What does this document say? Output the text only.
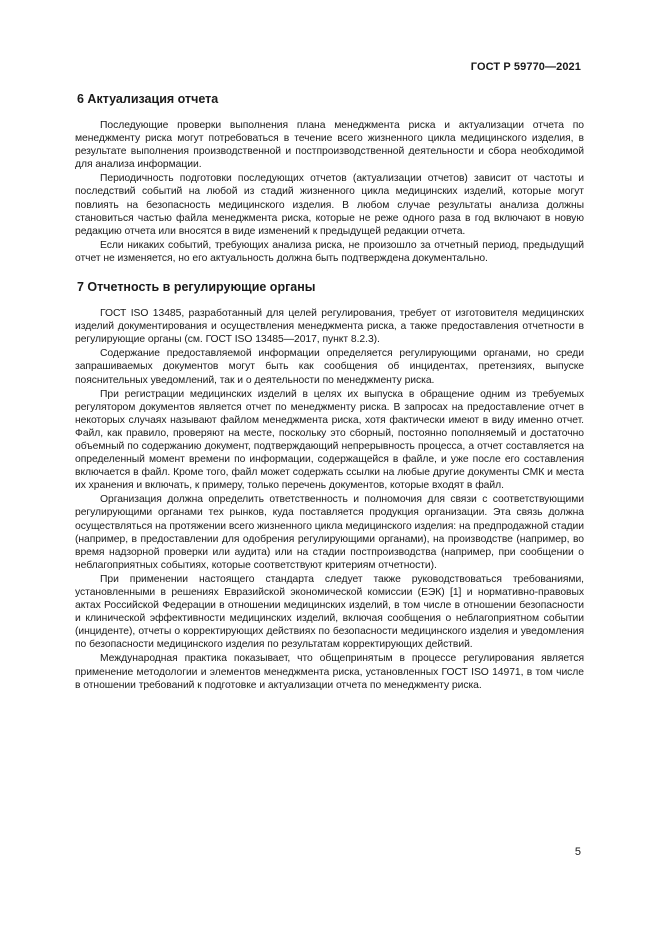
ГОСТ Р 59770—2021
6 Актуализация отчета

Последующие проверки выполнения плана менеджмента риска и актуализации отчета по менеджменту риска могут потребоваться в течение всего жизненного цикла медицинского изделия, в результате выполнения производственной и постпроизводственной деятельности и сбора необходимой для анализа информации.

Периодичность подготовки последующих отчетов (актуализации отчетов) зависит от частоты и последствий событий на любой из стадий жизненного цикла медицинских изделий, которые могут повлиять на безопасность медицинского изделия. В любом случае результаты анализа должны становиться частью файла менеджмента риска, которые не реже одного раза в год включают в новую редакцию отчета или вносятся в виде изменений к предыдущей редакции отчета.

Если никаких событий, требующих анализа риска, не произошло за отчетный период, предыдущий отчет не изменяется, но его актуальность должна быть подтверждена документально.

7 Отчетность в регулирующие органы

ГОСТ ISO 13485, разработанный для целей регулирования, требует от изготовителя медицинских изделий документирования и осуществления менеджмента риска, а также предоставления отчетности в регулирующие органы (см. ГОСТ ISO 13485—2017, пункт 8.2.3).

Содержание предоставляемой информации определяется регулирующими органами, но среди запрашиваемых документов могут быть как сообщения об инцидентах, претензиях, выпуске пояснительных уведомлений, так и о деятельности по менеджменту риска.

При регистрации медицинских изделий в целях их выпуска в обращение одним из требуемых регулятором документов является отчет по менеджменту риска. В запросах на предоставление отчет в некоторых случаях называют файлом менеджмента риска, хотя фактически имеют в виду именно отчет. Файл, как правило, проверяют на месте, поскольку это сборный, постоянно пополняемый и достаточно объемный по содержанию документ, подтверждающий непрерывность процесса, а отчет составляется на определенный момент времени по информации, содержащейся в файле, и уже после его составления включается в файл. Кроме того, файл может содержать ссылки на любые другие документы СМК и места их хранения и включать, к примеру, только перечень документов, которые входят в файл.

Организация должна определить ответственность и полномочия для связи с соответствующими регулирующими органами тех рынков, куда поставляется продукция организации. Эта связь должна осуществляться на протяжении всего жизненного цикла медицинского изделия: на предпродажной стадии (например, в предоставлении для одобрения регулирующими органами), на производстве (например, во время надзорной проверки или аудита) или на стадии постпроизводства (например, при сообщении о неблагоприятных событиях, которые соответствуют критериям отчетности).

При применении настоящего стандарта следует также руководствоваться требованиями, установленными в решениях Евразийской экономической комиссии (ЕЭК) [1] и нормативно-правовых актах Российской Федерации в отношении медицинских изделий, в том числе в отношении безопасности и клинической эффективности медицинских изделий, включая сообщения о неблагоприятном событии (инциденте), отчеты о корректирующих действиях по безопасности медицинского изделия и уведомления по безопасности медицинского изделия по результатам корректирующих действий.

Международная практика показывает, что общепринятым в процессе регулирования является применение методологии и элементов менеджмента риска, установленных ГОСТ ISO 14971, в том числе в отношении требований к подготовке и актуализации отчета по менеджменту риска.

5
